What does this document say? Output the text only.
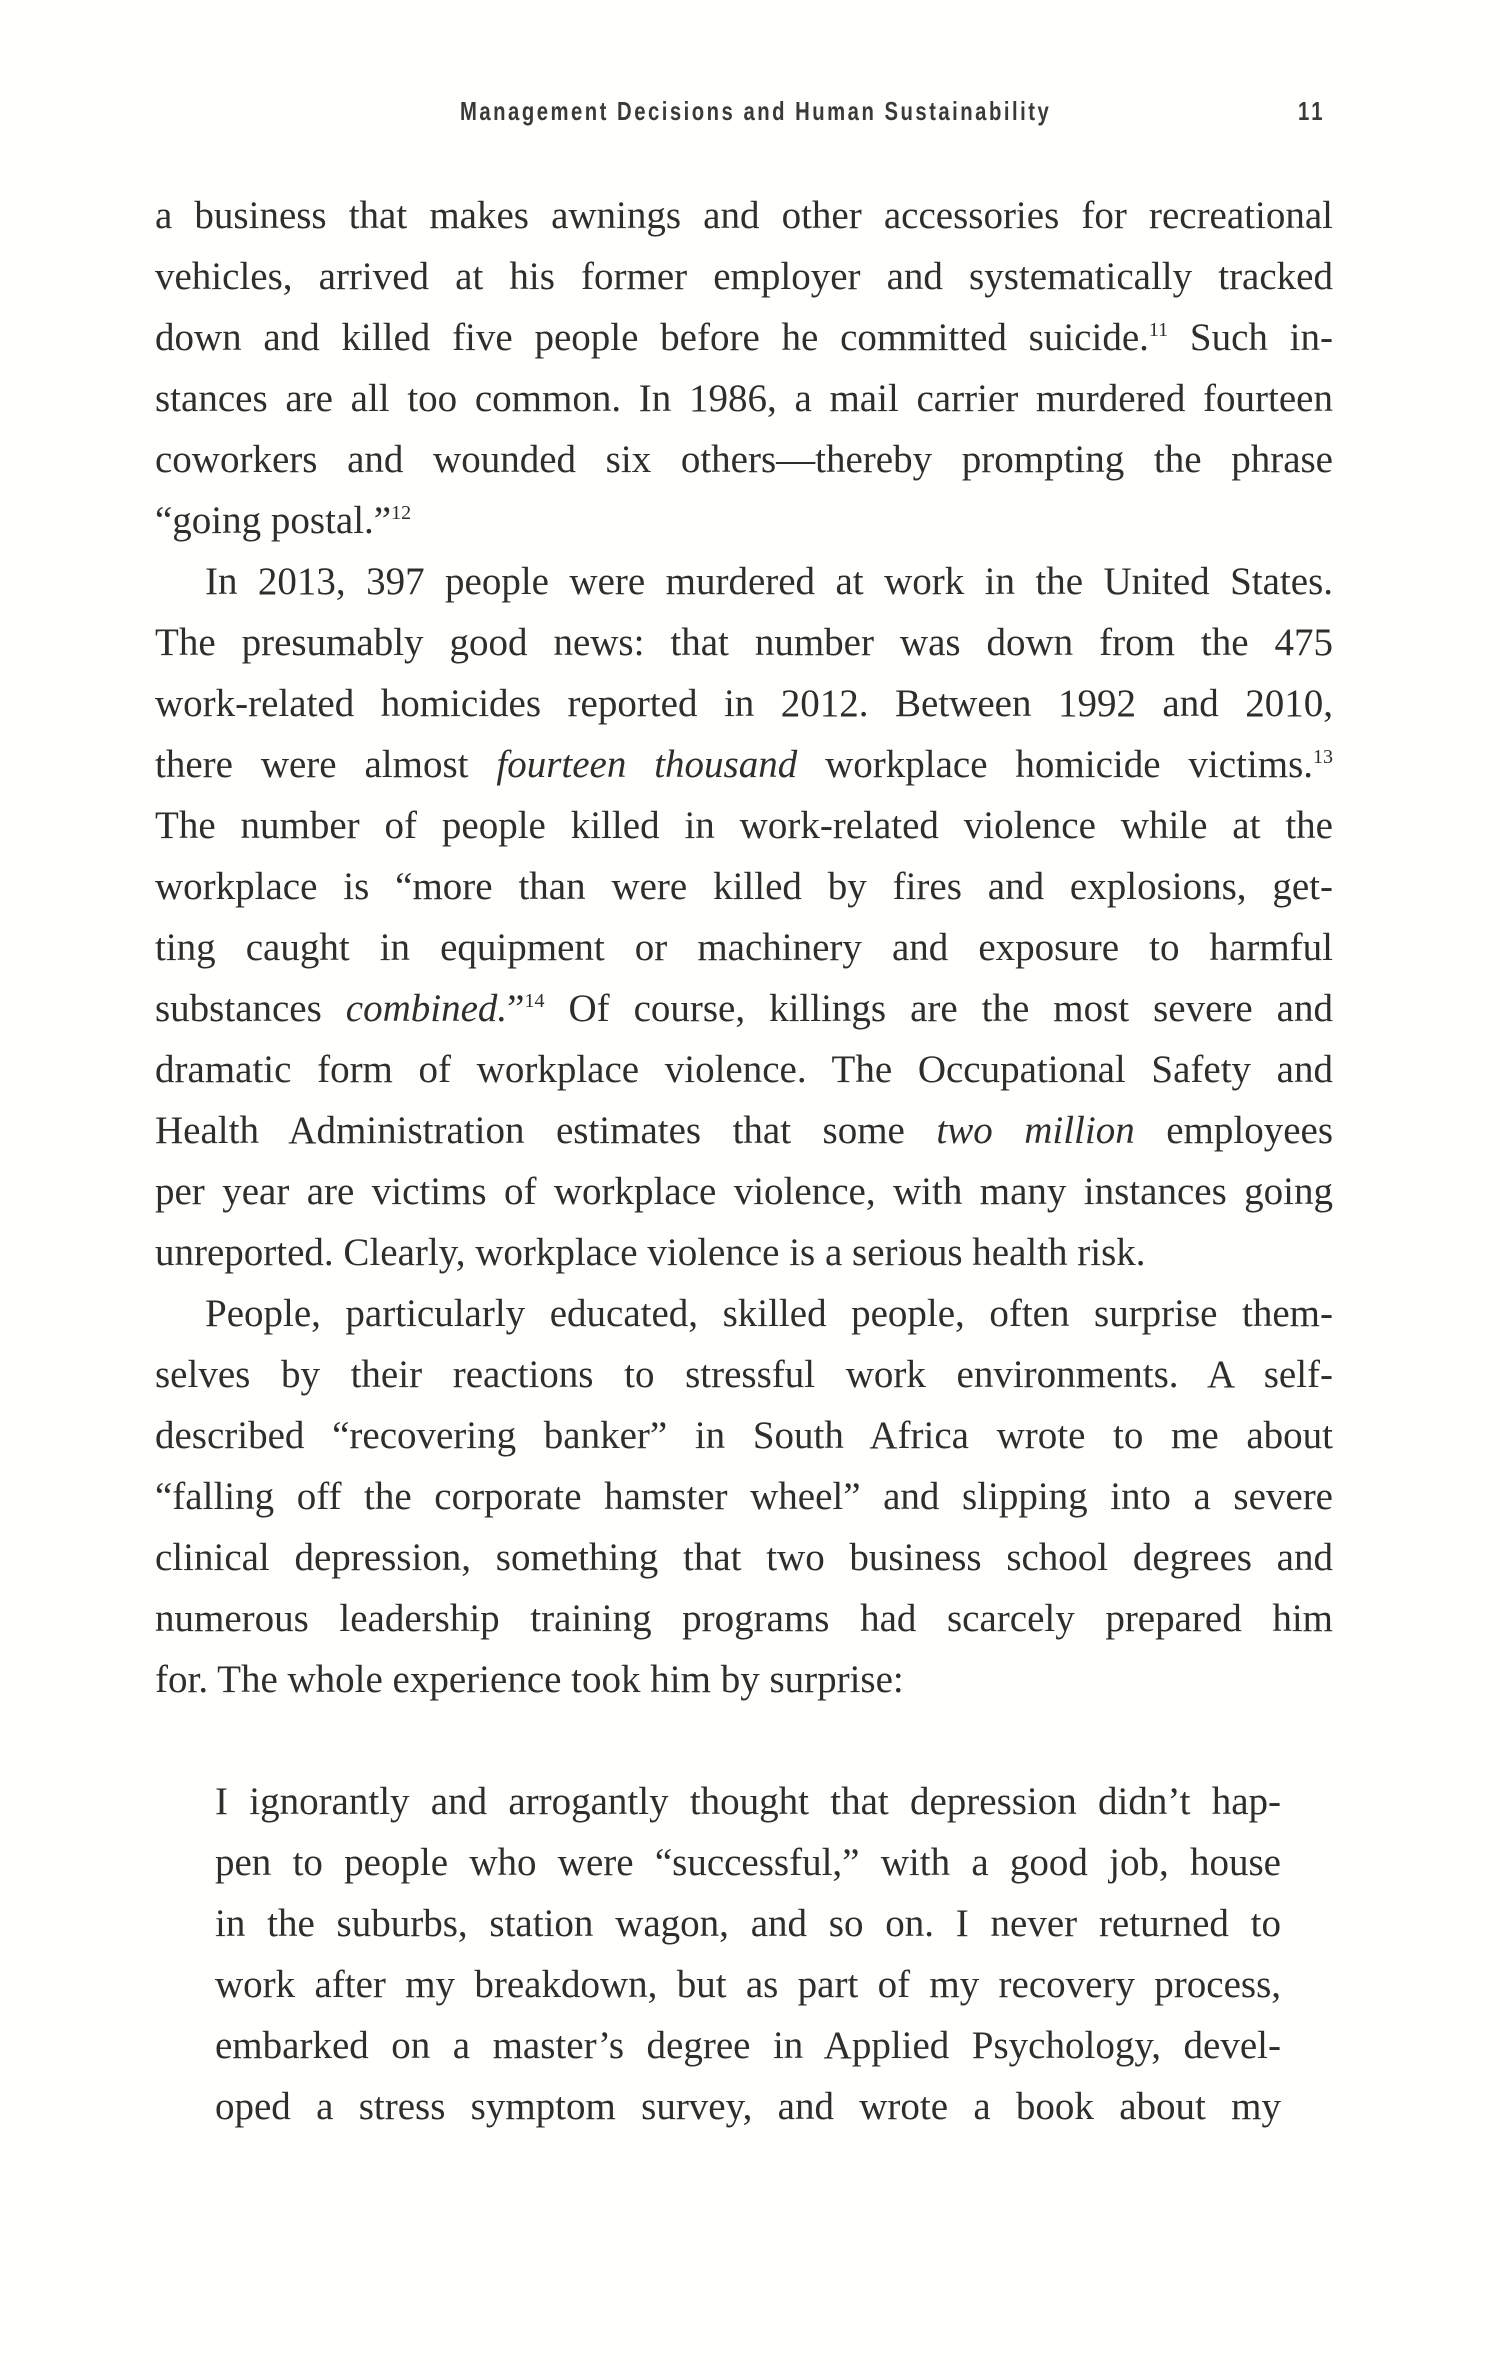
Management Decisions and Human Sustainability	11
a business that makes awnings and other accessories for recreational
vehicles, arrived at his former employer and systematically tracked
down and killed five people before he committed suicide.$^{11}$ Such in-
stances are all too common. In 1986, a mail carrier murdered fourteen
coworkers and wounded six others—thereby prompting the phrase
“going postal.”$^{12}$
In 2013, 397 people were murdered at work in the United States.
The presumably good news: that number was down from the 475
work-related homicides reported in 2012. Between 1992 and 2010,
there were almost fourteen thousand workplace homicide victims.$^{13}$
The number of people killed in work-related violence while at the
workplace is “more than were killed by fires and explosions, get-
ting caught in equipment or machinery and exposure to harmful
substances combined.”$^{14}$ Of course, killings are the most severe and
dramatic form of workplace violence. The Occupational Safety and
Health Administration estimates that some two million employees
per year are victims of workplace violence, with many instances going
unreported. Clearly, workplace violence is a serious health risk.
People, particularly educated, skilled people, often surprise them-
selves by their reactions to stressful work environments. A self-
described “recovering banker” in South Africa wrote to me about
“falling off the corporate hamster wheel” and slipping into a severe
clinical depression, something that two business school degrees and
numerous leadership training programs had scarcely prepared him
for. The whole experience took him by surprise:
I ignorantly and arrogantly thought that depression didn’t hap-
pen to people who were “successful,” with a good job, house
in the suburbs, station wagon, and so on. I never returned to
work after my breakdown, but as part of my recovery process,
embarked on a master’s degree in Applied Psychology, devel-
oped a stress symptom survey, and wrote a book about my
